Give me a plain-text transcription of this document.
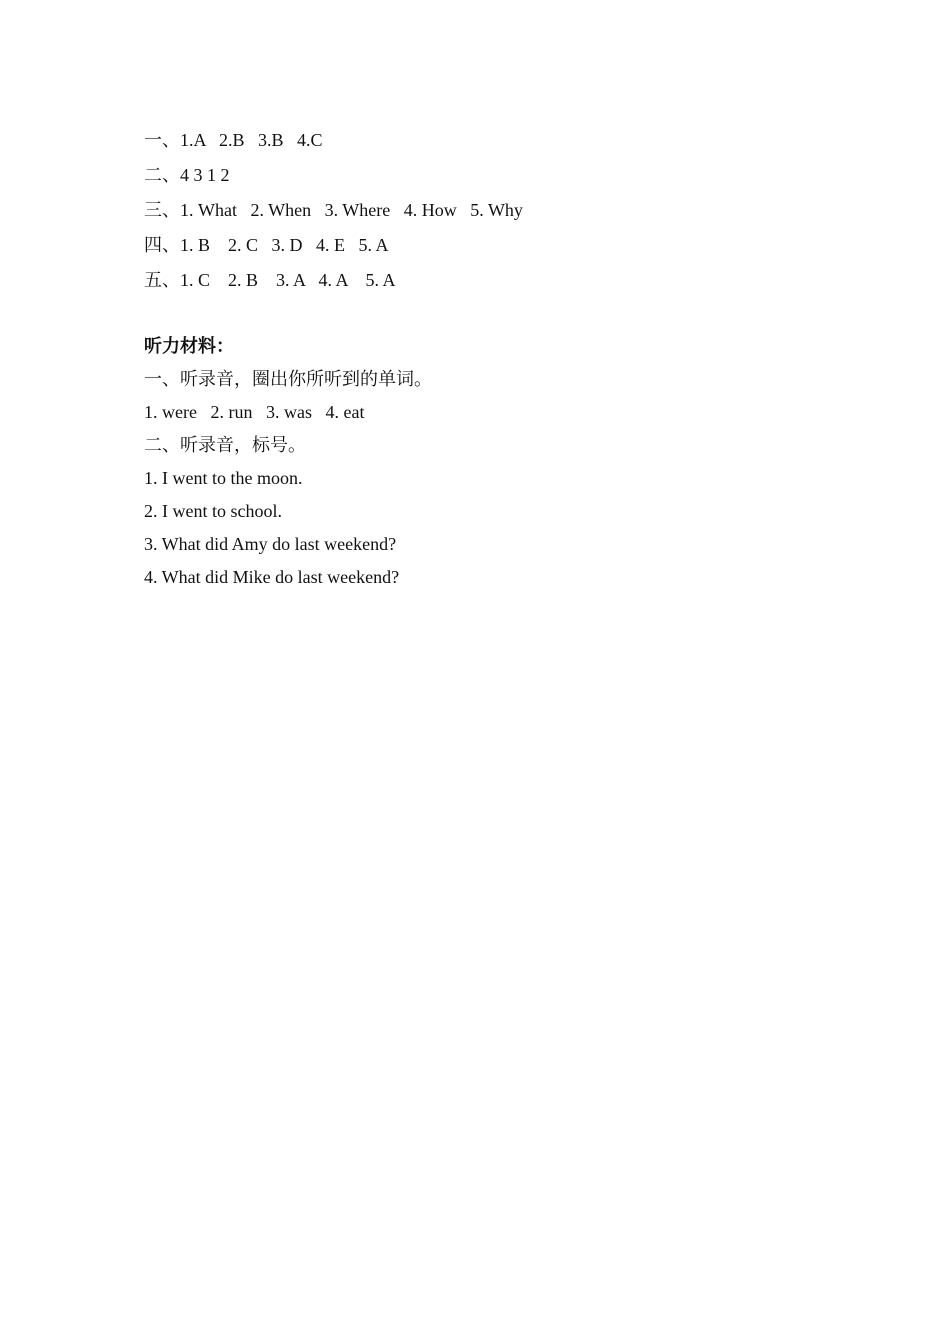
一、1.A   2.B   3.B   4.C
二、4 3 1 2
三、1. What   2. When   3. Where   4. How   5. Why
四、1. B    2. C   3. D   4. E   5. A
五、1. C    2. B    3. A   4. A    5. A
听力材料：
一、听录音，圈出你所听到的单词。
1. were   2. run   3. was   4. eat
二、听录音，标号。
1. I went to the moon.
2. I went to school.
3. What did Amy do last weekend?
4. What did Mike do last weekend?
